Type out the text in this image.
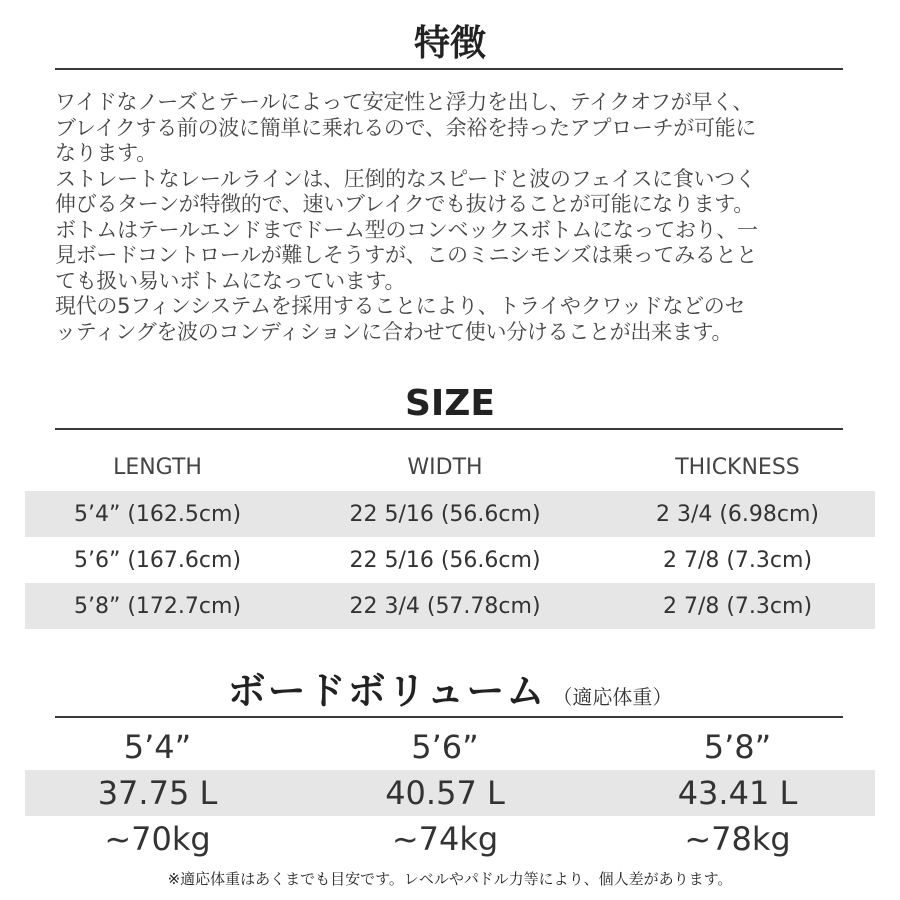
特徴
ワイドなノーズとテールによって安定性と浮力を出し、テイクオフが早く、
ブレイクする前の波に簡単に乗れるので、余裕を持ったアプローチが可能に
なります。
ストレートなレールラインは、圧倒的なスピードと波のフェイスに食いつく
伸びるターンが特徴的で、速いブレイクでも抜けることが可能になります。
ボトムはテールエンドまでドーム型のコンベックスボトムになっており、一
見ボードコントロールが難しそうすが、このミニシモンズは乗ってみるとと
ても扱い易いボトムになっています。
現代の5フィンシステムを採用することにより、トライやクワッドなどのセ
ッティングを波のコンディションに合わせて使い分けることが出来ます。
SIZE
LENGTH	WIDTH	THICKNESS
5’4” (162.5cm)	22 5/16 (56.6cm)	2 3/4 (6.98cm)
5’6” (167.6cm)	22 5/16 (56.6cm)	2 7/8 (7.3cm)
5’8” (172.7cm)	22 3/4 (57.78cm)	2 7/8 (7.3cm)
ボードボリューム （適応体重）
5’4”	5’6”	5’8”
37.75 L	40.57 L	43.41 L
~70kg	~74kg	~78kg
※適応体重はあくまでも目安です。レベルやパドル力等により、個人差があります。
